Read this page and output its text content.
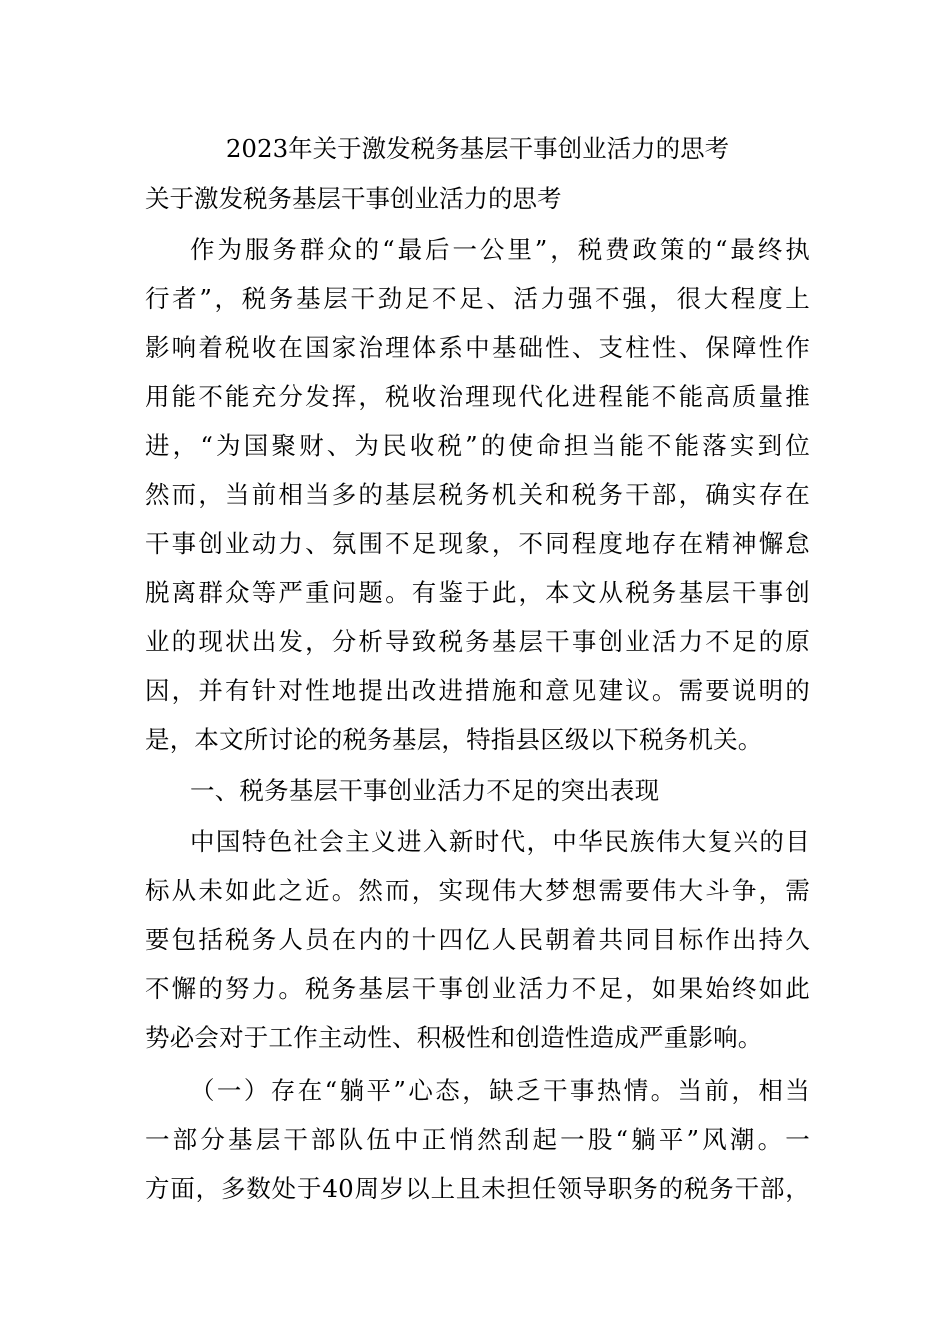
2023年关于激发税务基层干事创业活力的思考
关于激发税务基层干事创业活力的思考
作为服务群众的“最后一公里”，税费政策的“最终执
行者”，税务基层干劲足不足、活力强不强，很大程度上
影响着税收在国家治理体系中基础性、支柱性、保障性作
用能不能充分发挥，税收治理现代化进程能不能高质量推
进，“为国聚财、为民收税”的使命担当能不能落实到位
然而，当前相当多的基层税务机关和税务干部，确实存在
干事创业动力、氛围不足现象，不同程度地存在精神懈怠
脱离群众等严重问题。有鉴于此，本文从税务基层干事创
业的现状出发，分析导致税务基层干事创业活力不足的原
因，并有针对性地提出改进措施和意见建议。需要说明的
是，本文所讨论的税务基层，特指县区级以下税务机关。
一、税务基层干事创业活力不足的突出表现
中国特色社会主义进入新时代，中华民族伟大复兴的目
标从未如此之近。然而，实现伟大梦想需要伟大斗争，需
要包括税务人员在内的十四亿人民朝着共同目标作出持久
不懈的努力。税务基层干事创业活力不足，如果始终如此
势必会对于工作主动性、积极性和创造性造成严重影响。
（一）存在“躺平”心态，缺乏干事热情。当前，相当
一部分基层干部队伍中正悄然刮起一股“躺平”风潮。一
方面，多数处于40周岁以上且未担任领导职务的税务干部，
